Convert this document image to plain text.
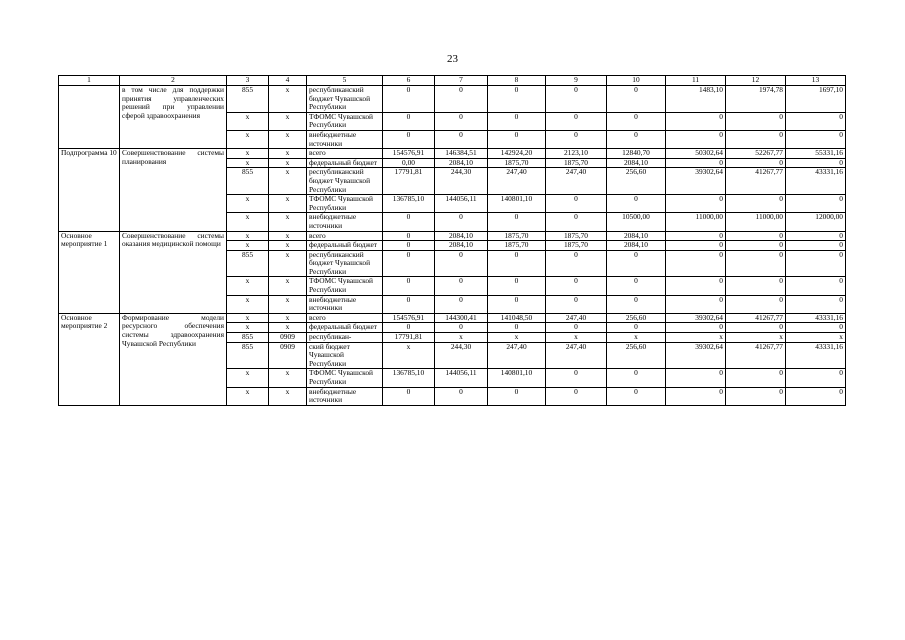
23
1	2	3	4	5	6	7	8	9	10	11	12	13
	в том числе для поддержки принятия управленческих решений при управлении сферой здравоохранения	855	x	республиканский бюджет Чувашской Республики	0	0	0	0	0	1483,10	1974,78	1697,10
		x	x	ТФОМС Чувашской Республики	0	0	0	0	0	0	0	0
		x	x	внебюджетные источники	0	0	0	0	0	0	0	0
Подпрограмма 10	Совершенствование системы планирования	x	x	всего	154576,91	146384,51	142924,20	2123,10	12840,70	50302,64	52267,77	55331,16
		x	x	федеральный бюджет	0,00	2084,10	1875,70	1875,70	2084,10	0	0	0
		855	x	республиканский бюджет Чувашской Республики	17791,81	244,30	247,40	247,40	256,60	39302,64	41267,77	43331,16
		x	x	ТФОМС Чувашской Республики	136785,10	144056,11	140801,10	0	0	0	0	0
		x	x	внебюджетные источники	0	0	0	0	10500,00	11000,00	11000,00	12000,00
Основное мероприятие 1	Совершенствование системы оказания медицинской помощи	x	x	всего	0	2084,10	1875,70	1875,70	2084,10	0	0	0
		x	x	федеральный бюджет	0	2084,10	1875,70	1875,70	2084,10	0	0	0
		855	x	республиканский бюджет Чувашской Республики	0	0	0	0	0	0	0	0
		x	x	ТФОМС Чувашской Республики	0	0	0	0	0	0	0	0
		x	x	внебюджетные источники	0	0	0	0	0	0	0	0
Основное мероприятие 2	Формирование модели ресурсного обеспечения системы здравоохранения Чувашской Республики	x	x	всего	154576,91	144300,41	141048,50	247,40	256,60	39302,64	41267,77	43331,16
		x	x	федеральный бюджет	0	0	0	0	0	0	0	0
		855	0909	республикан-	17791,81	x	x	x	x	x	x	x
		855	0909	ский бюджет Чувашской Республики	x	244,30	247,40	247,40	256,60	39302,64	41267,77	43331,16
		x	x	ТФОМС Чувашской Республики	136785,10	144056,11	140801,10	0	0	0	0	0
		x	x	внебюджетные источники	0	0	0	0	0	0	0	0
